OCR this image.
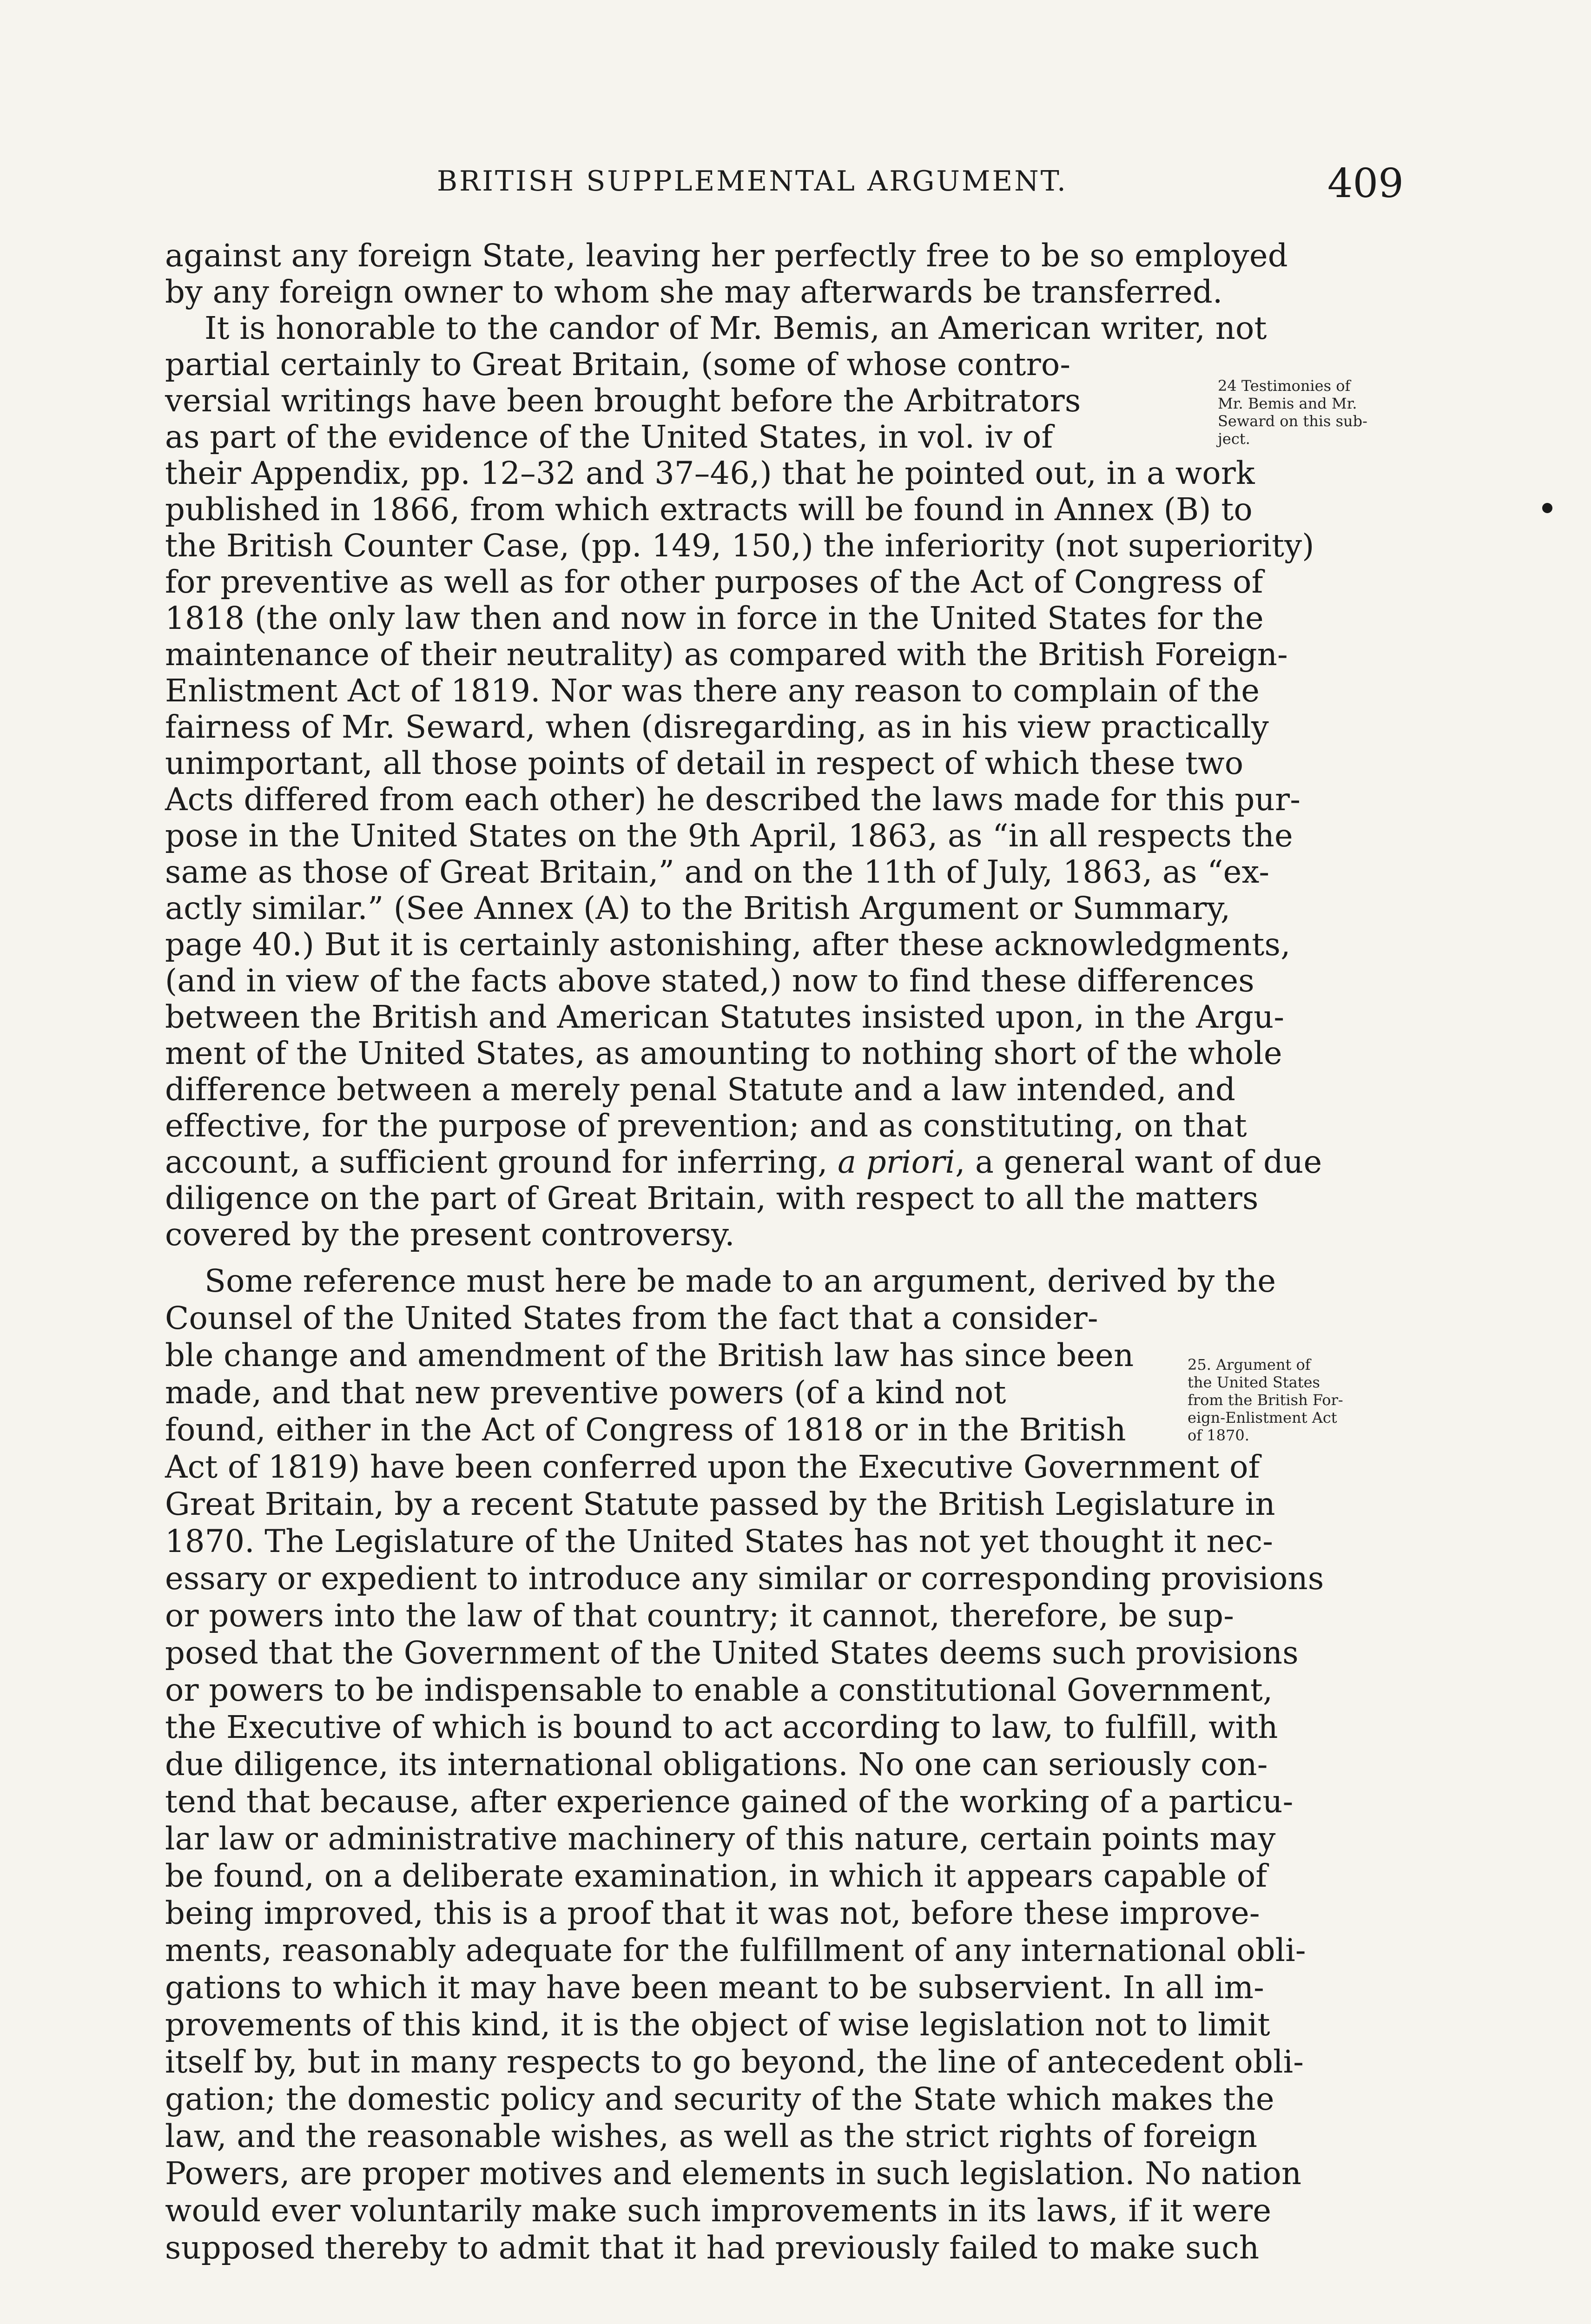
BRITISH SUPPLEMENTAL ARGUMENT.	409
against any foreign State, leaving her perfectly free to be so employed
by any foreign owner to whom she may afterwards be transferred.
It is honorable to the candor of Mr. Bemis, an American writer, not
partial certainly to Great Britain, (some of whose contro-
versial writings have been brought before the Arbitrators
as part of the evidence of the United States, in vol. iv of
their Appendix, pp. 12–32 and 37–46,) that he pointed out, in a work
published in 1866, from which extracts will be found in Annex (B) to
the British Counter Case, (pp. 149, 150,) the inferiority (not superiority)
for preventive as well as for other purposes of the Act of Congress of
1818 (the only law then and now in force in the United States for the
maintenance of their neutrality) as compared with the British Foreign-
Enlistment Act of 1819. Nor was there any reason to complain of the
fairness of Mr. Seward, when (disregarding, as in his view practically
unimportant, all those points of detail in respect of which these two
Acts differed from each other) he described the laws made for this pur-
pose in the United States on the 9th April, 1863, as “in all respects the
same as those of Great Britain,” and on the 11th of July, 1863, as “ex-
actly similar.” (See Annex (A) to the British Argument or Summary,
page 40.) But it is certainly astonishing, after these acknowledgments,
(and in view of the facts above stated,) now to find these differences
between the British and American Statutes insisted upon, in the Argu-
ment of the United States, as amounting to nothing short of the whole
difference between a merely penal Statute and a law intended, and
effective, for the purpose of prevention; and as constituting, on that
account, a sufficient ground for inferring, a priori, a general want of due
diligence on the part of Great Britain, with respect to all the matters
covered by the present controversy.
Some reference must here be made to an argument, derived by the
Counsel of the United States from the fact that a consider-
ble change and amendment of the British law has since been
made, and that new preventive powers (of a kind not
found, either in the Act of Congress of 1818 or in the British
Act of 1819) have been conferred upon the Executive Government of
Great Britain, by a recent Statute passed by the British Legislature in
1870. The Legislature of the United States has not yet thought it nec-
essary or expedient to introduce any similar or corresponding provisions
or powers into the law of that country; it cannot, therefore, be sup-
posed that the Government of the United States deems such provisions
or powers to be indispensable to enable a constitutional Government,
the Executive of which is bound to act according to law, to fulfill, with
due diligence, its international obligations. No one can seriously con-
tend that because, after experience gained of the working of a particu-
lar law or administrative machinery of this nature, certain points may
be found, on a deliberate examination, in which it appears capable of
being improved, this is a proof that it was not, before these improve-
ments, reasonably adequate for the fulfillment of any international obli-
gations to which it may have been meant to be subservient. In all im-
provements of this kind, it is the object of wise legislation not to limit
itself by, but in many respects to go beyond, the line of antecedent obli-
gation; the domestic policy and security of the State which makes the
law, and the reasonable wishes, as well as the strict rights of foreign
Powers, are proper motives and elements in such legislation. No nation
would ever voluntarily make such improvements in its laws, if it were
supposed thereby to admit that it had previously failed to make such
24 Testimonies of
Mr. Bemis and Mr.
Seward on this sub-
ject.
25. Argument of
the United States
from the British For-
eign-Enlistment Act
of 1870.
